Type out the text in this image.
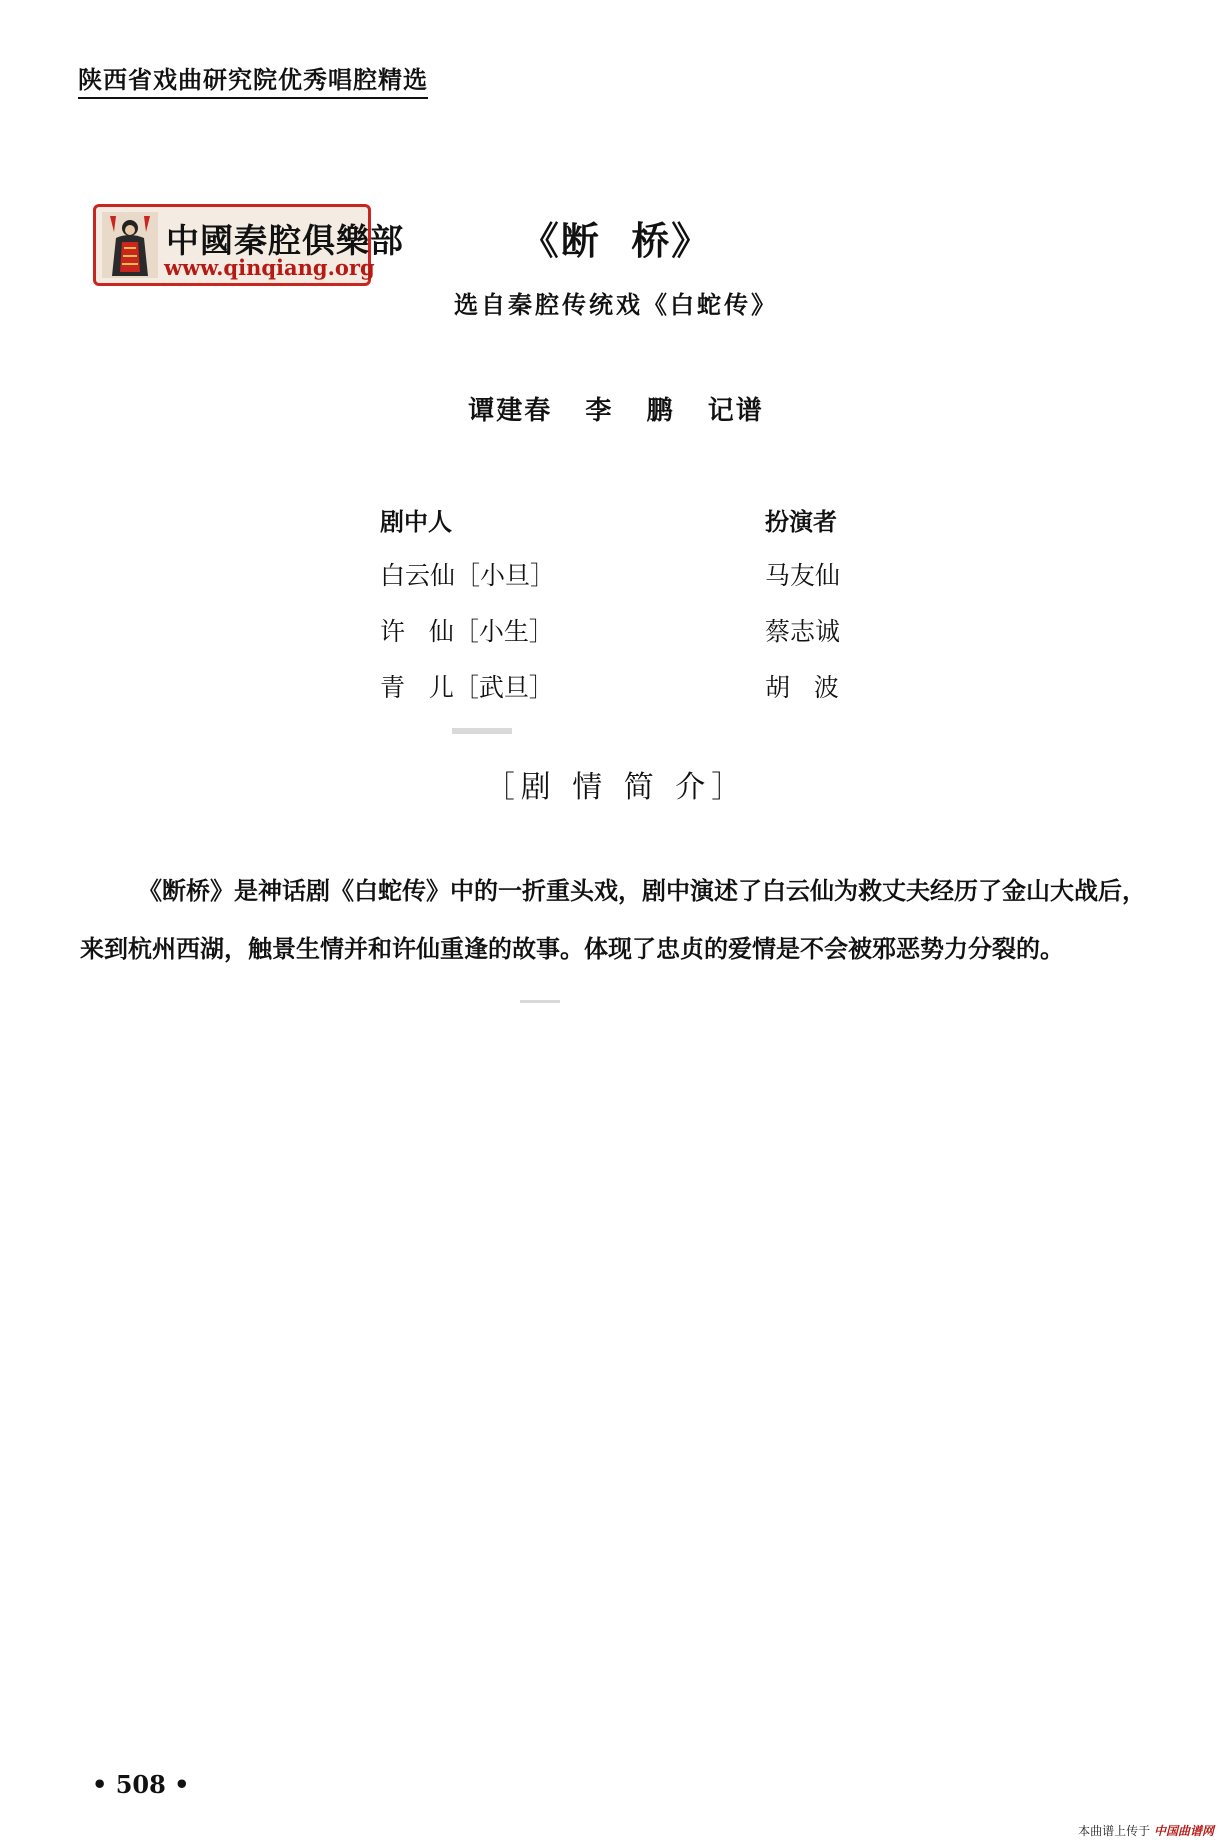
陕西省戏曲研究院优秀唱腔精选
中國秦腔俱樂部
www.qinqiang.org
《断  桥》
选自秦腔传统戏《白蛇传》
谭建春   李   鹏   记谱
剧中人	扮演者
白云仙［小旦］	马友仙
许   仙［小生］	蔡志诚
青   儿［武旦］	胡   波
［剧 情 简 介］
《断桥》是神话剧《白蛇传》中的一折重头戏，剧中演述了白云仙为救丈夫经历了金山大战后，来到杭州西湖，触景生情并和许仙重逢的故事。体现了忠贞的爱情是不会被邪恶势力分裂的。
• 508 •
本曲谱上传于 中国曲谱网
